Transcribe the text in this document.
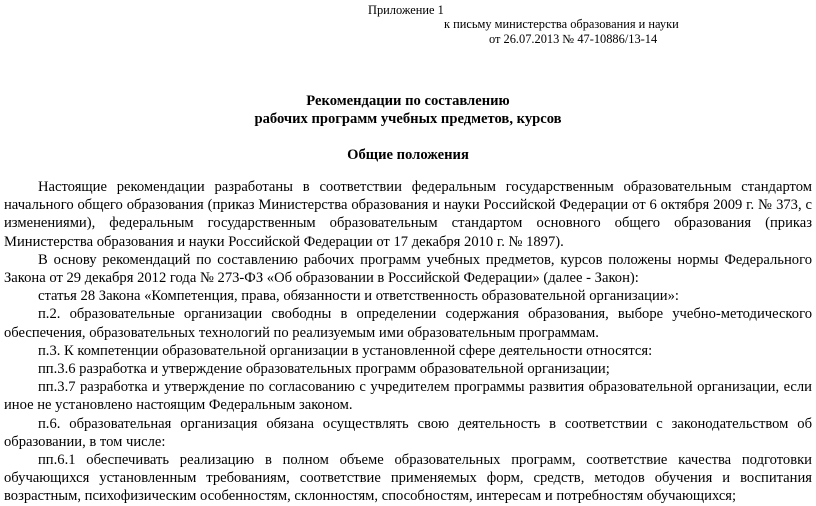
Приложение 1
к письму министерства образования и науки
от 26.07.2013 № 47-10886/13-14
Рекомендации по составлению
рабочих программ учебных предметов, курсов
Общие положения

Настоящие рекомендации разработаны в соответствии федеральным государственным образовательным стандартом начального общего образования (приказ Министерства образования и науки Российской Федерации от 6 октября 2009 г. № 373, с изменениями), федеральным государственным образовательным стандартом основного общего образования (приказ Министерства образования и науки Российской Федерации от 17 декабря 2010 г. № 1897).

В основу рекомендаций по составлению рабочих программ учебных предметов, курсов положены нормы Федерального Закона от 29 декабря 2012 года № 273-ФЗ «Об образовании в Российской Федерации» (далее - Закон):

статья 28 Закона «Компетенция, права, обязанности и ответственность образовательной организации»:

п.2. образовательные организации свободны в определении содержания образования, выборе учебно-методического обеспечения, образовательных технологий по реализуемым ими образовательным программам.

п.3. К компетенции образовательной организации в установленной сфере деятельности относятся:

пп.3.6 разработка и утверждение образовательных программ образовательной организации;

пп.3.7 разработка и утверждение по согласованию с учредителем программы развития образовательной организации, если иное не установлено настоящим Федеральным законом.

п.6. образовательная организация обязана осуществлять свою деятельность в соответствии с законодательством об образовании, в том числе:

пп.6.1 обеспечивать реализацию в полном объеме образовательных программ, соответствие качества подготовки обучающихся установленным требованиям, соответствие применяемых форм, средств, методов обучения и воспитания возрастным, психофизическим особенностям, склонностям, способностям, интересам и потребностям обучающихся;
